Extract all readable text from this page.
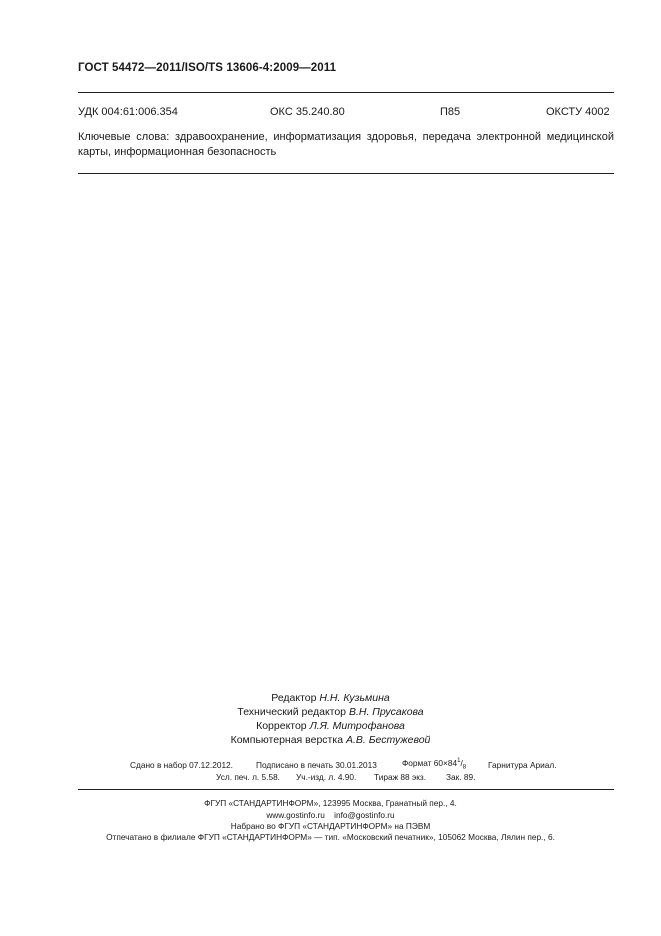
ГОСТ 54472—2011/ISO/TS 13606-4:2009—2011
УДК 004:61:006.354	ОКС 35.240.80	П85	ОКСТУ 4002
Ключевые слова: здравоохранение, информатизация здоровья, передача электронной медицинской карты, информационная безопасность
Редактор Н.Н. Кузьмина
Технический редактор В.Н. Прусакова
Корректор Л.Я. Митрофанова
Компьютерная верстка А.В. Бестужевой
Сдано в набор 07.12.2012.	Подписано в печать 30.01.2013	Формат $60\times 84^1/_8$	Гарнитура Ариал.
Усл. печ. л. 5.58. Уч.-изд. л. 4.90. Тираж 88 экз. Зак. 89.
ФГУП «СТАНДАРТИНФОРМ», 123995 Москва, Гранатный пер., 4.
www.gostinfo.ru info@gostinfo.ru
Набрано во ФГУП «СТАНДАРТИНФОРМ» на ПЭВМ
Отпечатано в филиале ФГУП «СТАНДАРТИНФОРМ» — тип. «Московский печатник», 105062 Москва, Лялин пер., 6.
